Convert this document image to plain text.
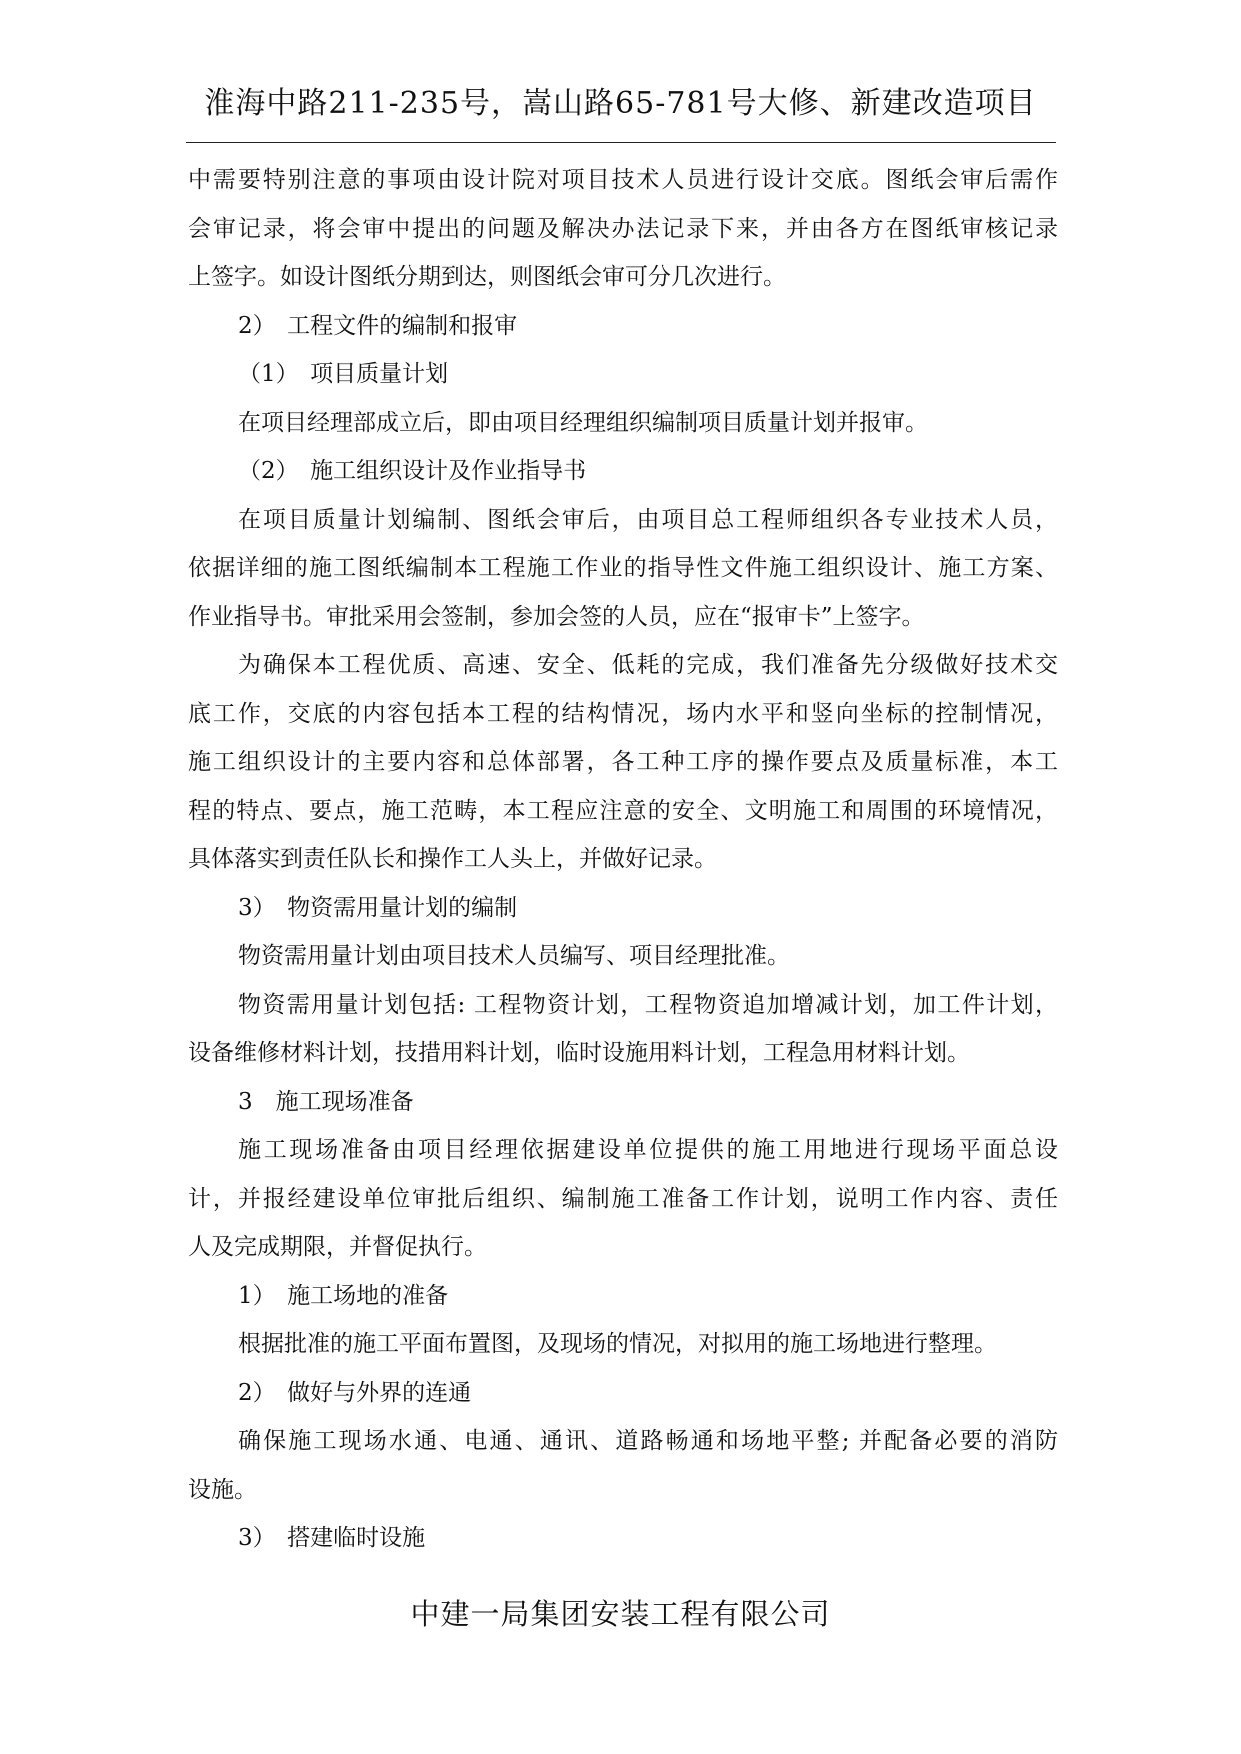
淮海中路211-235号，嵩山路65-781号大修、新建改造项目
中需要特别注意的事项由设计院对项目技术人员进行设计交底。图纸会审后需作
会审记录，将会审中提出的问题及解决办法记录下来，并由各方在图纸审核记录
上签字。如设计图纸分期到达，则图纸会审可分几次进行。
2）　工程文件的编制和报审
（1）　项目质量计划
在项目经理部成立后，即由项目经理组织编制项目质量计划并报审。
（2）　施工组织设计及作业指导书
在项目质量计划编制、图纸会审后，由项目总工程师组织各专业技术人员，
依据详细的施工图纸编制本工程施工作业的指导性文件施工组织设计、施工方案、
作业指导书。审批采用会签制，参加会签的人员，应在“报审卡”上签字。
为确保本工程优质、高速、安全、低耗的完成，我们准备先分级做好技术交
底工作，交底的内容包括本工程的结构情况，场内水平和竖向坐标的控制情况，
施工组织设计的主要内容和总体部署，各工种工序的操作要点及质量标准，本工
程的特点、要点，施工范畴，本工程应注意的安全、文明施工和周围的环境情况，
具体落实到责任队长和操作工人头上，并做好记录。
3）　物资需用量计划的编制
物资需用量计划由项目技术人员编写、项目经理批准。
物资需用量计划包括: 工程物资计划，工程物资追加增减计划，加工件计划，
设备维修材料计划，技措用料计划，临时设施用料计划，工程急用材料计划。
3　施工现场准备
施工现场准备由项目经理依据建设单位提供的施工用地进行现场平面总设
计，并报经建设单位审批后组织、编制施工准备工作计划，说明工作内容、责任
人及完成期限，并督促执行。
1）　施工场地的准备
根据批准的施工平面布置图，及现场的情况，对拟用的施工场地进行整理。
2）　做好与外界的连通
确保施工现场水通、电通、通讯、道路畅通和场地平整; 并配备必要的消防
设施。
3）　搭建临时设施
中建一局集团安装工程有限公司
